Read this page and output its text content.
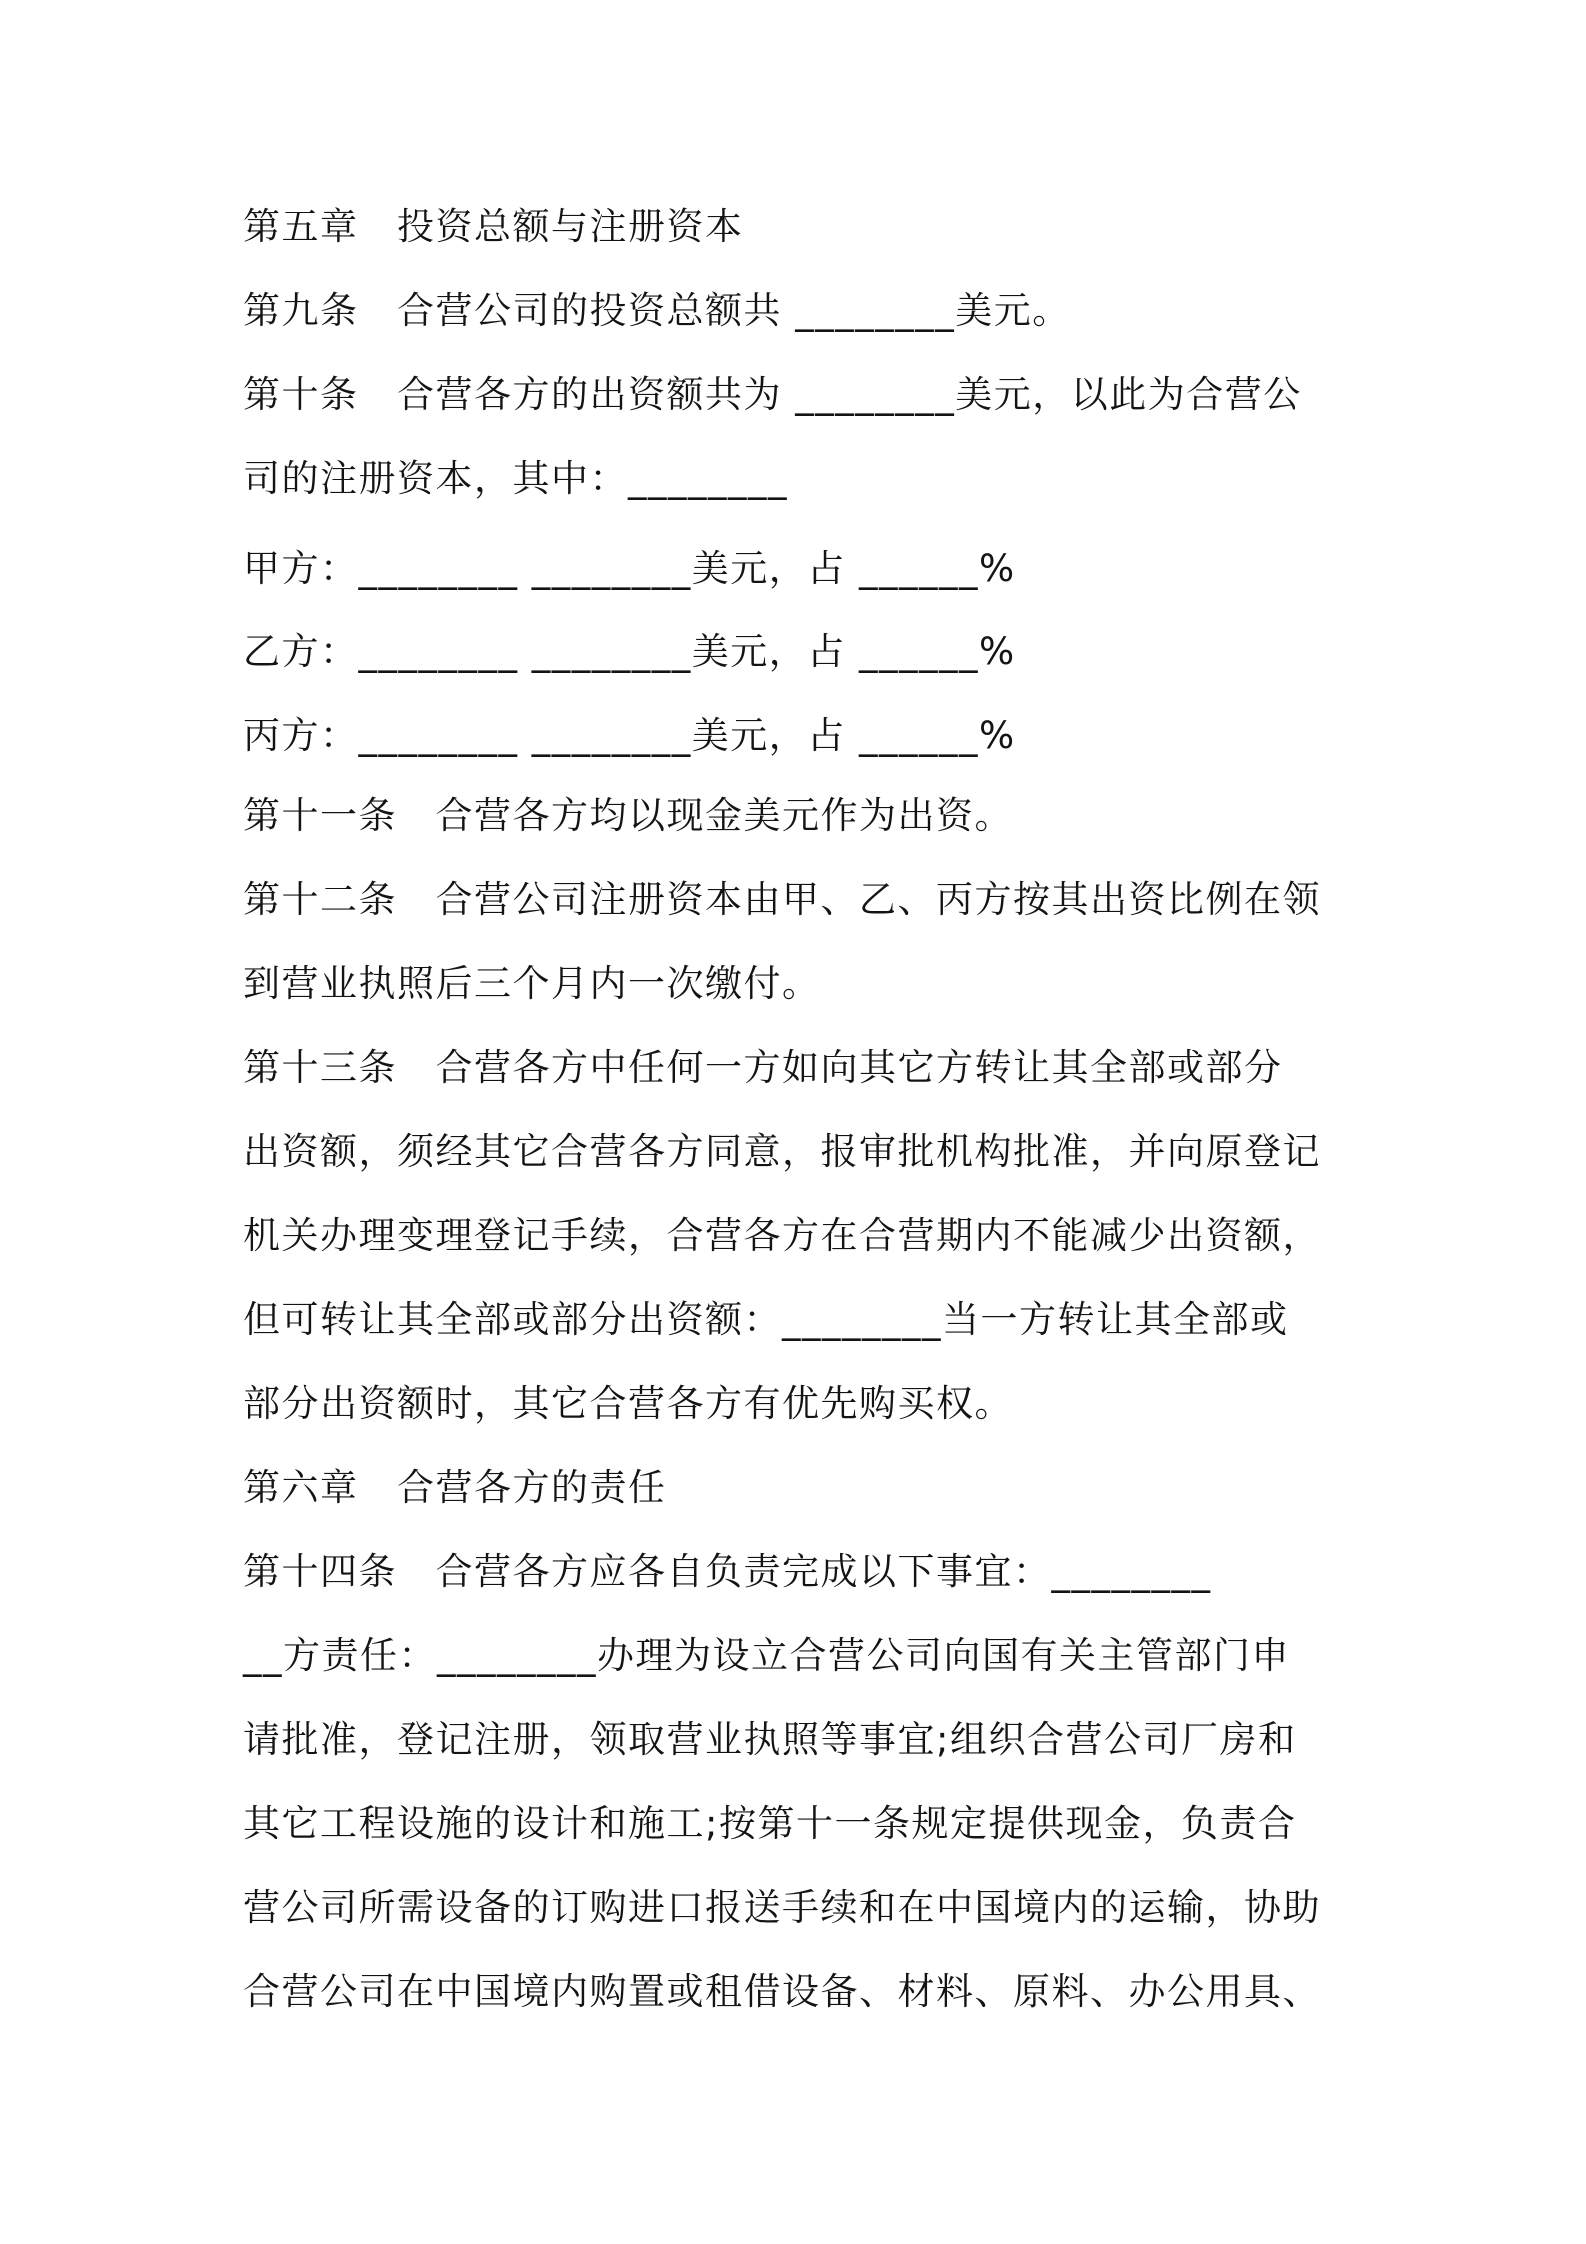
第五章　投资总额与注册资本
第九条　合营公司的投资总额共 ________美元。
第十条　合营各方的出资额共为 ________美元，以此为合营公
司的注册资本，其中：________
甲方：________ ________美元，占 ______%
乙方：________ ________美元，占 ______%
丙方：________ ________美元，占 ______%
第十一条　合营各方均以现金美元作为出资。
第十二条　合营公司注册资本由甲、乙、丙方按其出资比例在领
到营业执照后三个月内一次缴付。
第十三条　合营各方中任何一方如向其它方转让其全部或部分
出资额，须经其它合营各方同意，报审批机构批准，并向原登记
机关办理变理登记手续，合营各方在合营期内不能减少出资额，
但可转让其全部或部分出资额：________当一方转让其全部或
部分出资额时，其它合营各方有优先购买权。
第六章　合营各方的责任
第十四条　合营各方应各自负责完成以下事宜：________
__方责任：________办理为设立合营公司向国有关主管部门申
请批准，登记注册，领取营业执照等事宜;组织合营公司厂房和
其它工程设施的设计和施工;按第十一条规定提供现金，负责合
营公司所需设备的订购进口报送手续和在中国境内的运输，协助
合营公司在中国境内购置或租借设备、材料、原料、办公用具、
